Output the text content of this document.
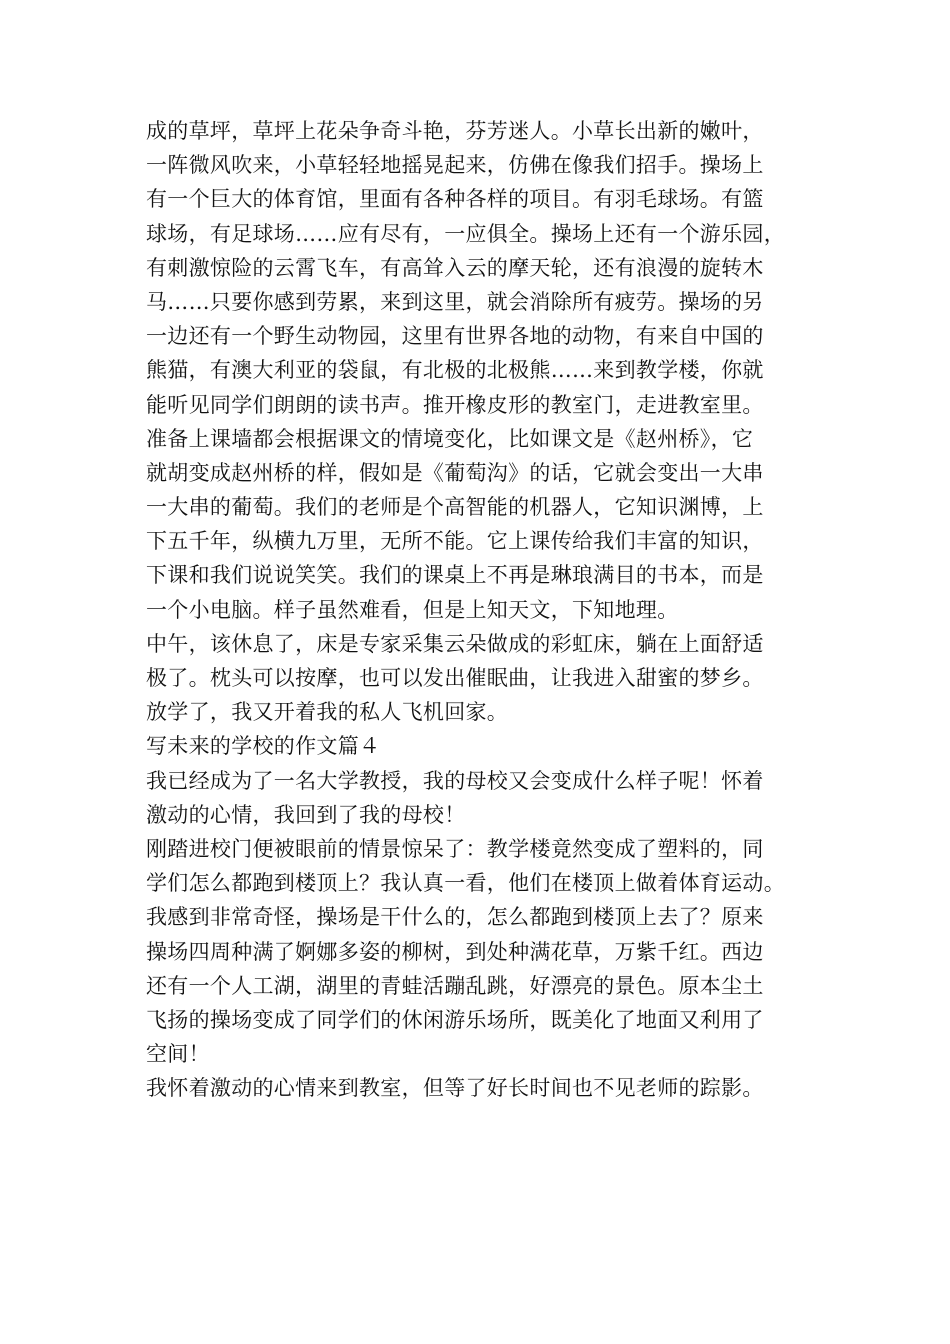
成的草坪，草坪上花朵争奇斗艳，芬芳迷人。小草长出新的嫩叶，
一阵微风吹来，小草轻轻地摇晃起来，仿佛在像我们招手。操场上
有一个巨大的体育馆，里面有各种各样的项目。有羽毛球场。有篮
球场，有足球场……应有尽有，一应俱全。操场上还有一个游乐园，
有刺激惊险的云霄飞车，有高耸入云的摩天轮，还有浪漫的旋转木
马……只要你感到劳累，来到这里，就会消除所有疲劳。操场的另
一边还有一个野生动物园，这里有世界各地的动物，有来自中国的
熊猫，有澳大利亚的袋鼠，有北极的北极熊……来到教学楼，你就
能听见同学们朗朗的读书声。推开橡皮形的教室门，走进教室里。
准备上课墙都会根据课文的情境变化，比如课文是《赵州桥》，它
就胡变成赵州桥的样，假如是《葡萄沟》的话，它就会变出一大串
一大串的葡萄。我们的老师是个高智能的机器人，它知识渊博，上
下五千年，纵横九万里，无所不能。它上课传给我们丰富的知识，
下课和我们说说笑笑。我们的课桌上不再是琳琅满目的书本，而是
一个小电脑。样子虽然难看，但是上知天文，下知地理。
中午，该休息了，床是专家采集云朵做成的彩虹床，躺在上面舒适
极了。枕头可以按摩，也可以发出催眠曲，让我进入甜蜜的梦乡。
放学了，我又开着我的私人飞机回家。
写未来的学校的作文篇４
我已经成为了一名大学教授，我的母校又会变成什么样子呢！怀着
激动的心情，我回到了我的母校！
刚踏进校门便被眼前的情景惊呆了：教学楼竟然变成了塑料的，同
学们怎么都跑到楼顶上？我认真一看，他们在楼顶上做着体育运动。
我感到非常奇怪，操场是干什么的，怎么都跑到楼顶上去了？原来
操场四周种满了婀娜多姿的柳树，到处种满花草，万紫千红。西边
还有一个人工湖，湖里的青蛙活蹦乱跳，好漂亮的景色。原本尘土
飞扬的操场变成了同学们的休闲游乐场所，既美化了地面又利用了
空间！
我怀着激动的心情来到教室，但等了好长时间也不见老师的踪影。
